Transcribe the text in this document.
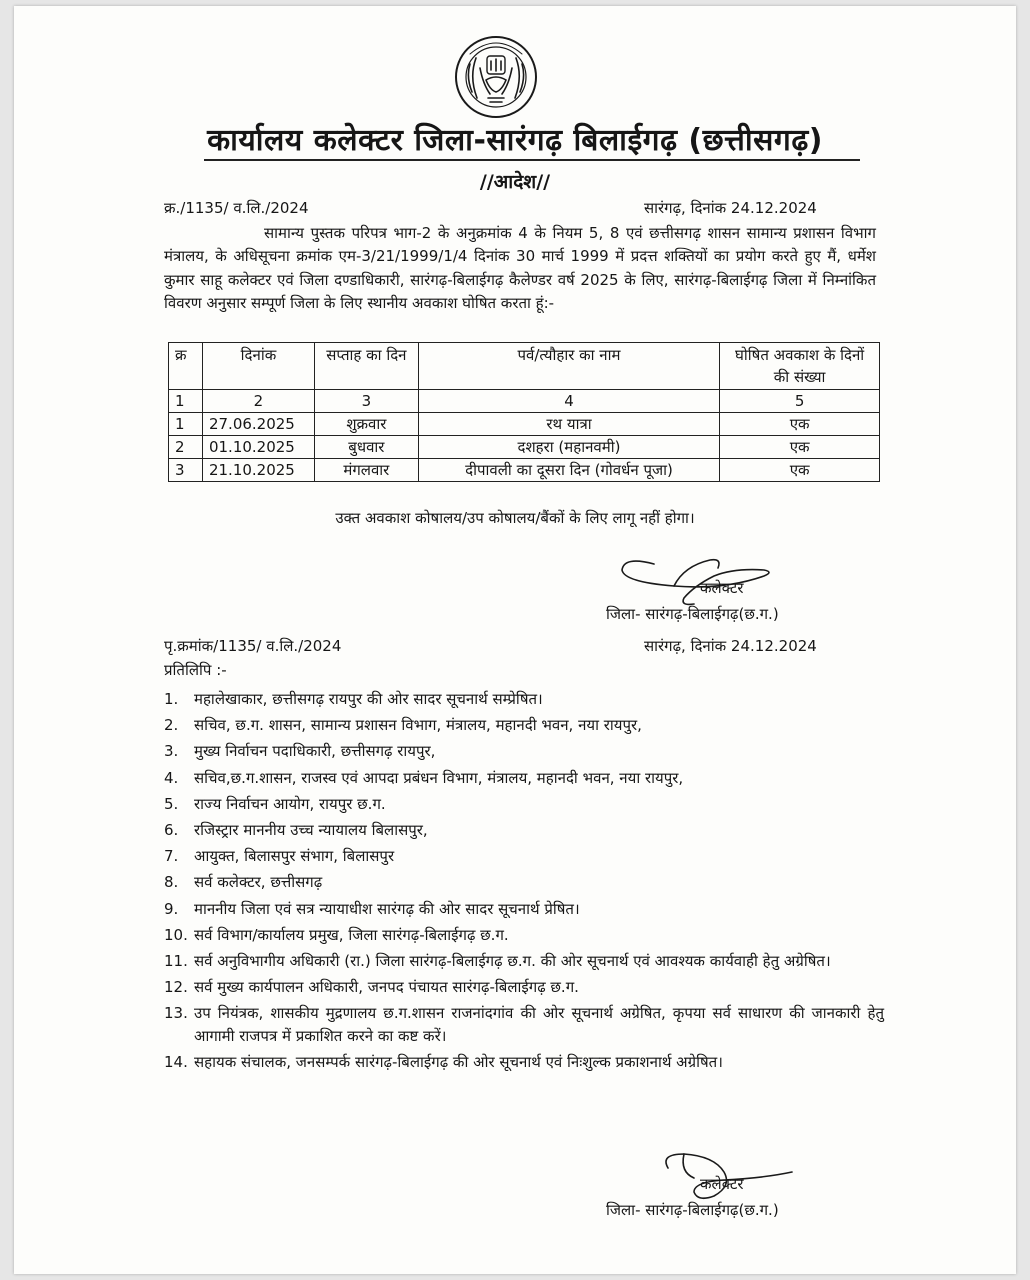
कार्यालय कलेक्टर जिला-सारंगढ़ बिलाईगढ़ (छत्तीसगढ़)
//आदेश//
क्र./1135/ व.लि./2024	सारंगढ़, दिनांक 24.12.2024
सामान्य पुस्तक परिपत्र भाग-2 के अनुक्रमांक 4 के नियम 5, 8 एवं छत्तीसगढ़ शासन सामान्य प्रशासन विभाग मंत्रालय, के अधिसूचना क्रमांक एम-3/21/1999/1/4 दिनांक 30 मार्च 1999 में प्रदत्त शक्तियों का प्रयोग करते हुए मैं, धर्मेश कुमार साहू कलेक्टर एवं जिला दण्डाधिकारी, सारंगढ़-बिलाईगढ़ कैलेण्डर वर्ष 2025 के लिए, सारंगढ़-बिलाईगढ़ जिला में निम्नांकित विवरण अनुसार सम्पूर्ण जिला के लिए स्थानीय अवकाश घोषित करता हूं:-
क्र	दिनांक	सप्ताह का दिन	पर्व/त्यौहार का नाम	घोषित अवकाश के दिनों की संख्या
1	2	3	4	5
1	27.06.2025	शुक्रवार	रथ यात्रा	एक
2	01.10.2025	बुधवार	दशहरा (महानवमी)	एक
3	21.10.2025	मंगलवार	दीपावली का दूसरा दिन (गोवर्धन पूजा)	एक
उक्त अवकाश कोषालय/उप कोषालय/बैंकों के लिए लागू नहीं होगा।
कलेक्टर
जिला- सारंगढ़-बिलाईगढ़(छ.ग.)
पृ.क्रमांक/1135/ व.लि./2024	सारंगढ़, दिनांक 24.12.2024
प्रतिलिपि :-
1. महालेखाकार, छत्तीसगढ़ रायपुर की ओर सादर सूचनार्थ सम्प्रेषित।
2. सचिव, छ.ग. शासन, सामान्य प्रशासन विभाग, मंत्रालय, महानदी भवन, नया रायपुर,
3. मुख्य निर्वाचन पदाधिकारी, छत्तीसगढ़ रायपुर,
4. सचिव,छ.ग.शासन, राजस्व एवं आपदा प्रबंधन विभाग, मंत्रालय, महानदी भवन, नया रायपुर,
5. राज्य निर्वाचन आयोग, रायपुर छ.ग.
6. रजिस्ट्रार माननीय उच्च न्यायालय बिलासपुर,
7. आयुक्त, बिलासपुर संभाग, बिलासपुर
8. सर्व कलेक्टर, छत्तीसगढ़
9. माननीय जिला एवं सत्र न्यायाधीश सारंगढ़ की ओर सादर सूचनार्थ प्रेषित।
10. सर्व विभाग/कार्यालय प्रमुख, जिला सारंगढ़-बिलाईगढ़ छ.ग.
11. सर्व अनुविभागीय अधिकारी (रा.) जिला सारंगढ़-बिलाईगढ़ छ.ग. की ओर सूचनार्थ एवं आवश्यक कार्यवाही हेतु अग्रेषित।
12. सर्व मुख्य कार्यपालन अधिकारी, जनपद पंचायत सारंगढ़-बिलाईगढ़ छ.ग.
13. उप नियंत्रक, शासकीय मुद्रणालय छ.ग.शासन राजनांदगांव की ओर सूचनार्थ अग्रेषित, कृपया सर्व साधारण की जानकारी हेतु आगामी राजपत्र में प्रकाशित करने का कष्ट करें।
14. सहायक संचालक, जनसम्पर्क सारंगढ़-बिलाईगढ़ की ओर सूचनार्थ एवं निःशुल्क प्रकाशनार्थ अग्रेषित।
कलेक्टर
जिला- सारंगढ़-बिलाईगढ़(छ.ग.)
